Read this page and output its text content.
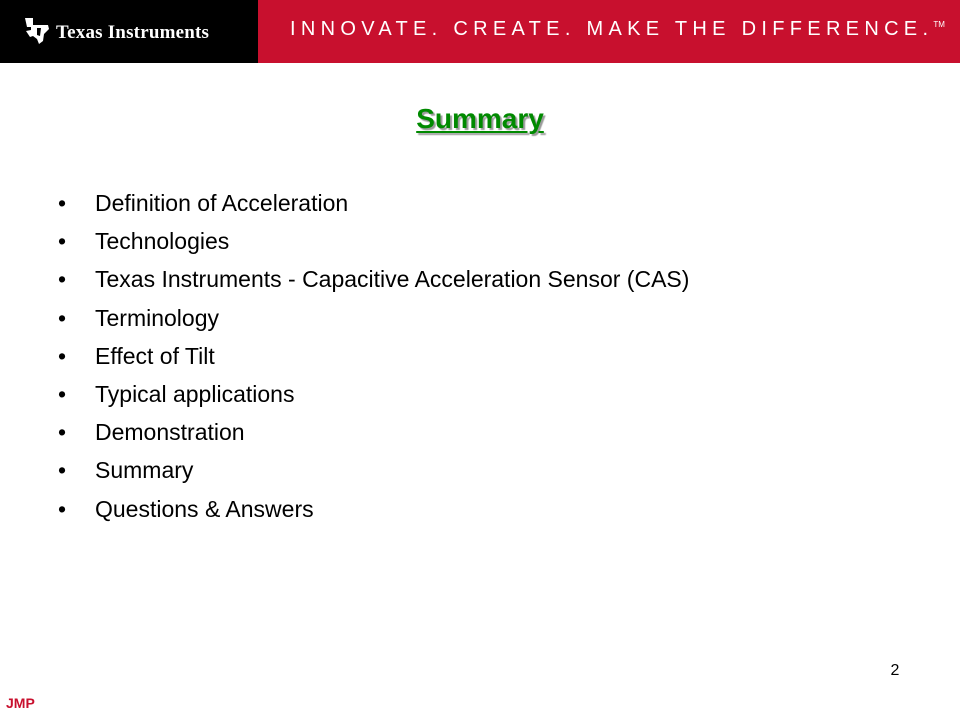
Texas Instruments	INNOVATE. CREATE. MAKE THE DIFFERENCE.™
Summary
•	Definition of Acceleration
•	Technologies
•	Texas Instruments - Capacitive Acceleration Sensor (CAS)
•	Terminology
•	Effect of Tilt
•	Typical applications
•	Demonstration
•	Summary
•	Questions & Answers
2
JMP
